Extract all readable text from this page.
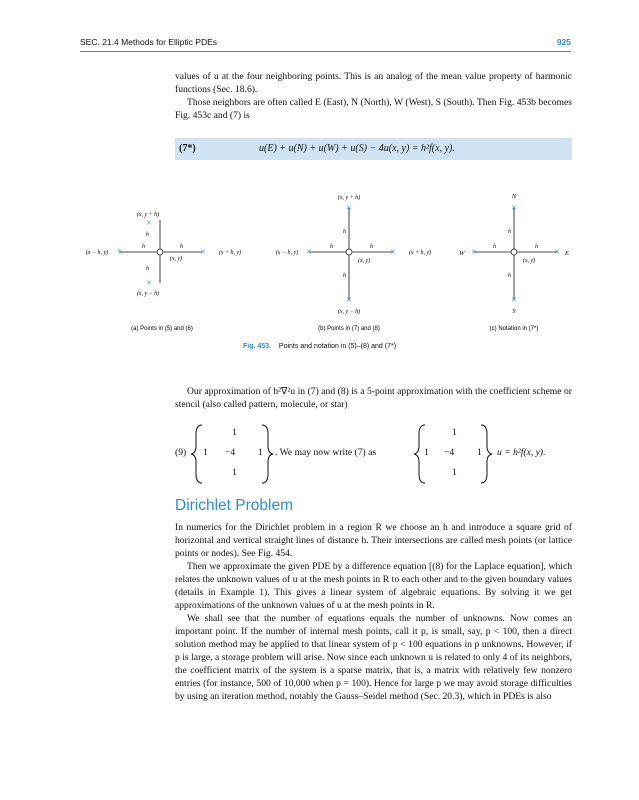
SEC. 21.4 Methods for Elliptic PDEs	925

values of u at the four neighboring points. This is an analog of the mean value property of harmonic functions (Sec. 18.6).

Those neighbors are often called E (East), N (North), W (West), S (South). Then Fig. 453b becomes Fig. 453c and (7) is

(7*)	u(E) + u(N) + u(W) + u(S) − 4u(x, y) = h²f(x, y).
(x, y + h)
(x, y − h)
(x − h, y)	(x + h, y)
(x, y)
h
h
h	h
×
×
×	×
(a) Points in (5) and (6)
(x, y + h)
(x, y − h)
(x − h, y)	(x + h, y)
(x, y)
h
h
h	h
×
×
×	×
(b) Points in (7) and (8)
N
S
W	E
(x, y)
h
h
h	h
×
×
×	×
(c) Notation in (7*)
Fig. 453. Points and notation in (5)–(8) and (7*)
Our approximation of h²∇²u in (7) and (8) is a 5-point approximation with the coefficient scheme or stencil (also called pattern, molecule, or star)
(9)
1
1 −4 1
1
. We may now write (7) as
1
1 −4 1
1
u = h²f(x, y).
Dirichlet Problem

In numerics for the Dirichlet problem in a region R we choose an h and introduce a square grid of horizontal and vertical straight lines of distance h. Their intersections are called mesh points (or lattice points or nodes). See Fig. 454.

Then we approximate the given PDE by a difference equation [(8) for the Laplace equation], which relates the unknown values of u at the mesh points in R to each other and to the given boundary values (details in Example 1). This gives a linear system of algebraic equations. By solving it we get approximations of the unknown values of u at the mesh points in R.

We shall see that the number of equations equals the number of unknowns. Now comes an important point. If the number of internal mesh points, call it p, is small, say, p < 100, then a direct solution method may be applied to that linear system of p < 100 equations in p unknowns. However, if p is large, a storage problem will arise. Now since each unknown u is related to only 4 of its neighbors, the coefficient matrix of the system is a sparse matrix, that is, a matrix with relatively few nonzero entries (for instance, 500 of 10,000 when p = 100). Hence for large p we may avoid storage difficulties by using an iteration method, notably the Gauss–Seidel method (Sec. 20.3), which in PDEs is also
